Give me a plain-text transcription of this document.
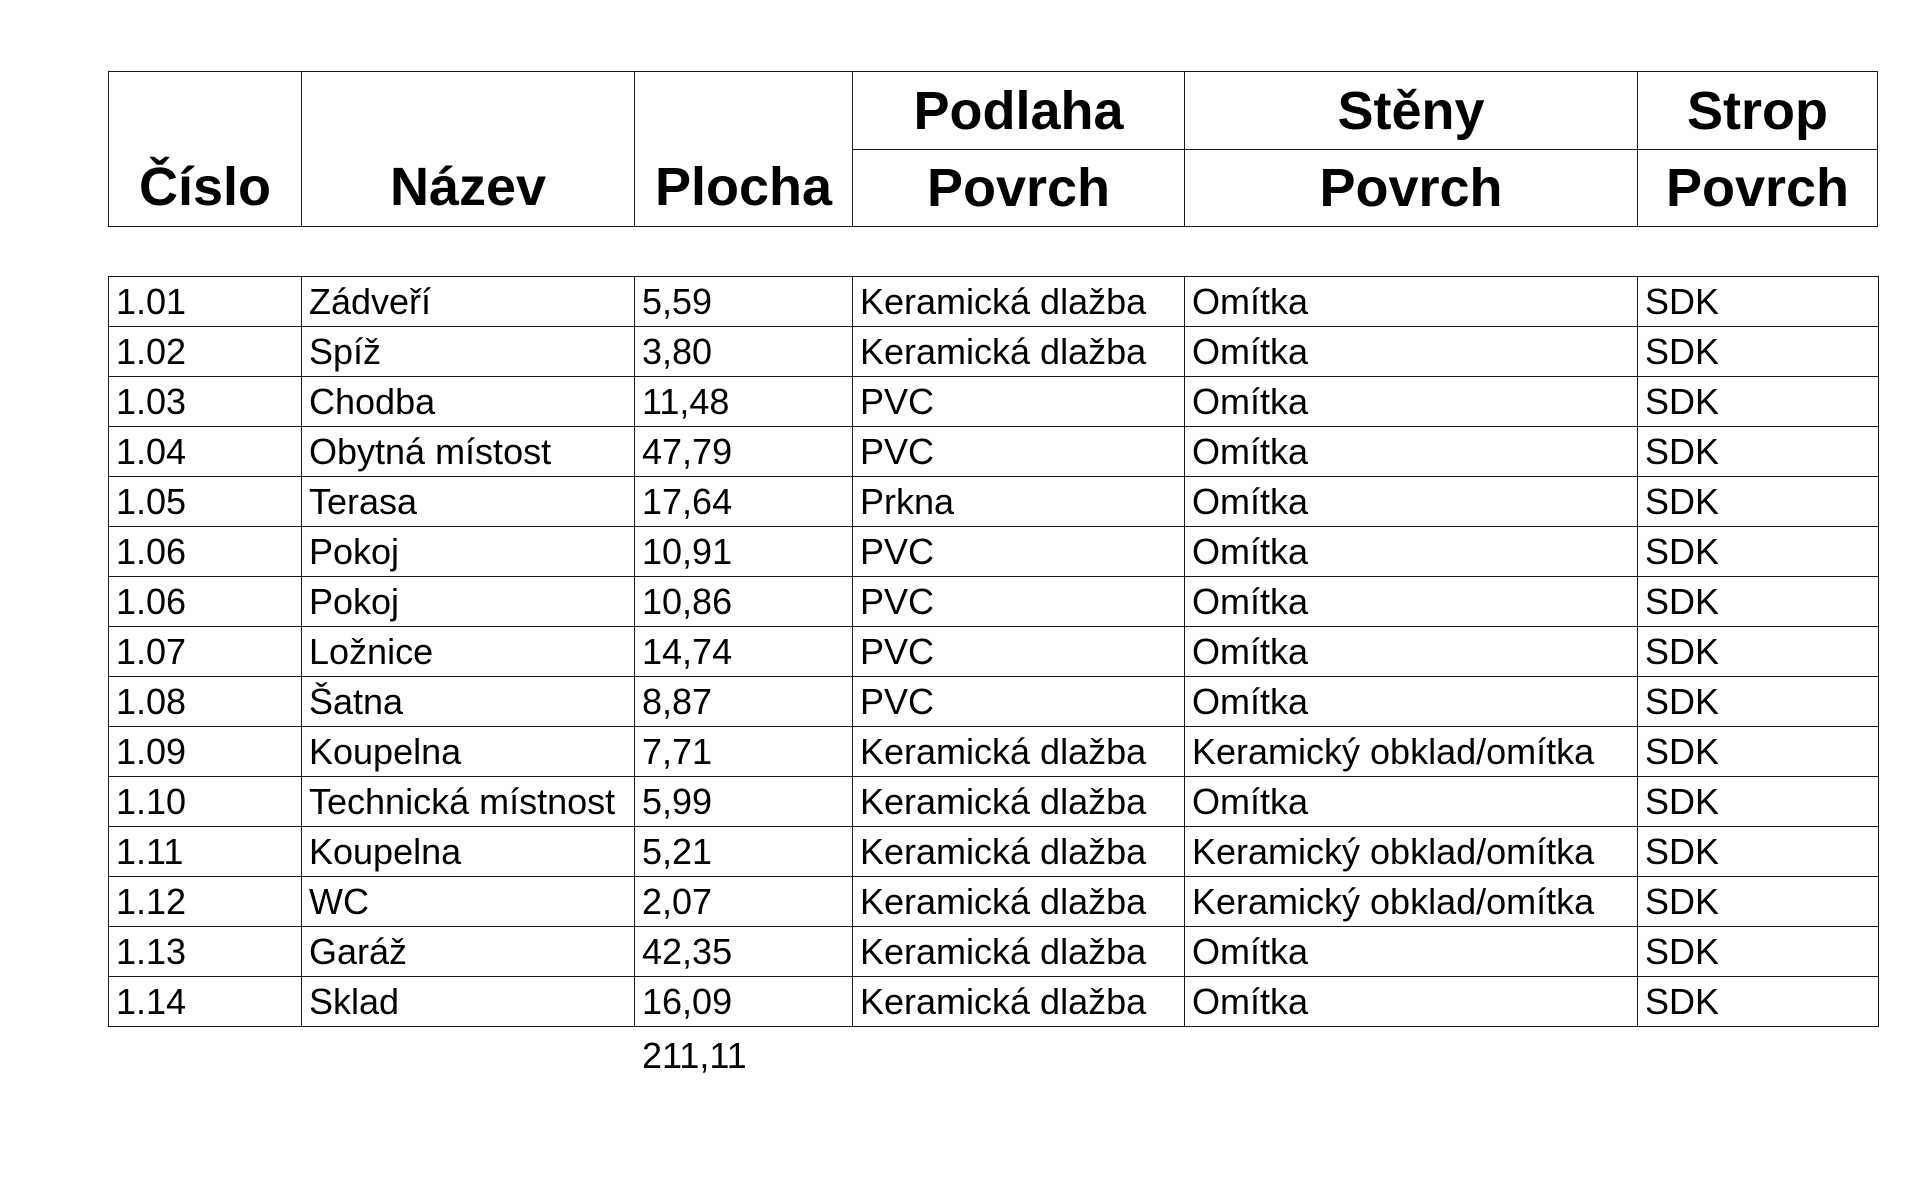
Číslo	Název	Plocha
Podlaha	Stěny	Strop
Povrch	Povrch	Povrch
1.01	Zádveří	5,59	Keramická dlažba	Omítka	SDK
1.02	Spíž	3,80	Keramická dlažba	Omítka	SDK
1.03	Chodba	11,48	PVC	Omítka	SDK
1.04	Obytná místost	47,79	PVC	Omítka	SDK
1.05	Terasa	17,64	Prkna	Omítka	SDK
1.06	Pokoj	10,91	PVC	Omítka	SDK
1.06	Pokoj	10,86	PVC	Omítka	SDK
1.07	Ložnice	14,74	PVC	Omítka	SDK
1.08	Šatna	8,87	PVC	Omítka	SDK
1.09	Koupelna	7,71	Keramická dlažba	Keramický obklad/omítka	SDK
1.10	Technická místnost	5,99	Keramická dlažba	Omítka	SDK
1.11	Koupelna	5,21	Keramická dlažba	Keramický obklad/omítka	SDK
1.12	WC	2,07	Keramická dlažba	Keramický obklad/omítka	SDK
1.13	Garáž	42,35	Keramická dlažba	Omítka	SDK
1.14	Sklad	16,09	Keramická dlažba	Omítka	SDK
211,11
